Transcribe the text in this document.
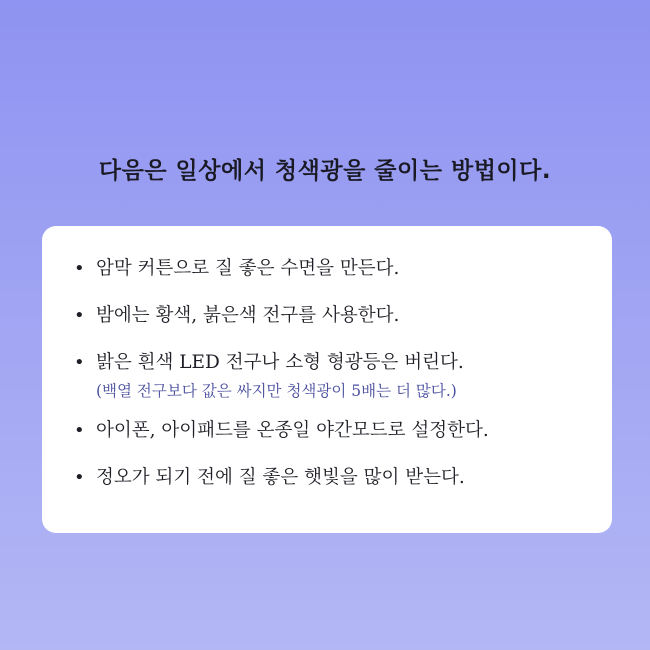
다음은 일상에서 청색광을 줄이는 방법이다.
• 암막 커튼으로 질 좋은 수면을 만든다.
• 밤에는 황색, 붉은색 전구를 사용한다.
• 밝은 흰색 LED 전구나 소형 형광등은 버린다.
(백열 전구보다 값은 싸지만 청색광이 5배는 더 많다.)
• 아이폰, 아이패드를 온종일 야간모드로 설정한다.
• 정오가 되기 전에 질 좋은 햇빛을 많이 받는다.
